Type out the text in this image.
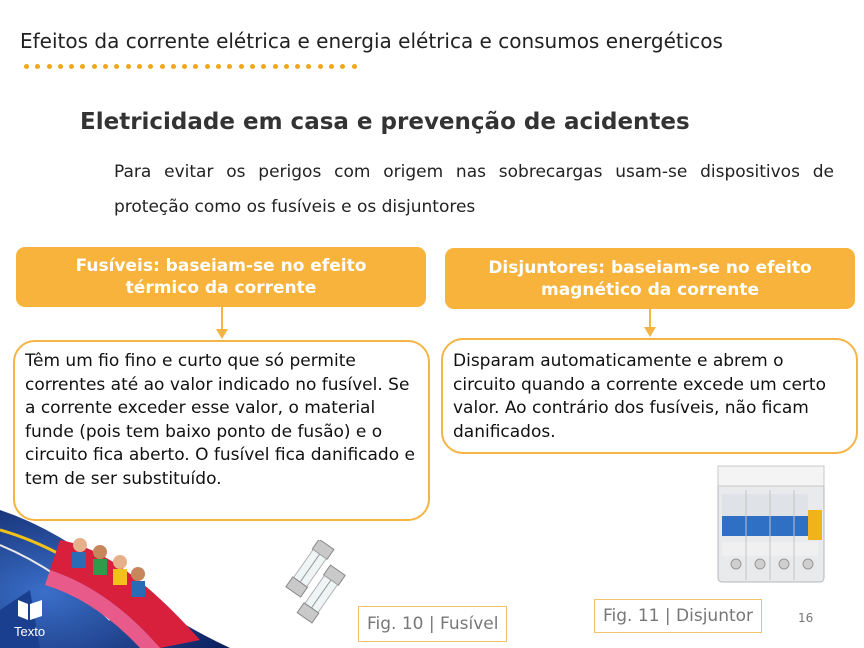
Efeitos da corrente elétrica e energia elétrica e consumos energéticos
Eletricidade em casa e prevenção de acidentes
Para evitar os perigos com origem nas sobrecargas usam-se dispositivos de proteção como os fusíveis e os disjuntores
Fusíveis: baseiam-se no efeito térmico da corrente
Têm um fio fino e curto que só permite correntes até ao valor indicado no fusível. Se a corrente exceder esse valor, o material funde (pois tem baixo ponto de fusão) e o circuito fica aberto. O fusível fica danificado e tem de ser substituído.
Disjuntores: baseiam-se no efeito magnético da corrente
Disparam automaticamente e abrem o circuito quando a corrente excede um certo valor. Ao contrário dos fusíveis, não ficam danificados.
Texto	Fig. 10 | Fusível	Fig. 11 | Disjuntor	16
